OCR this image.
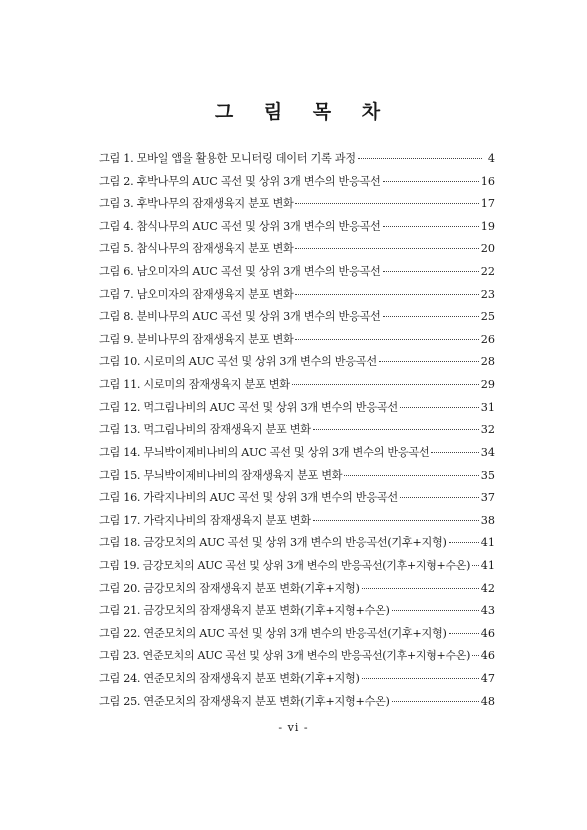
그 림 목 차
그림 1. 모바일 앱을 활용한 모니터링 데이터 기록 과정	4
그림 2. 후박나무의 AUC 곡선 및 상위 3개 변수의 반응곡선	16
그림 3. 후박나무의 잠재생육지 분포 변화	17
그림 4. 참식나무의 AUC 곡선 및 상위 3개 변수의 반응곡선	19
그림 5. 참식나무의 잠재생육지 분포 변화	20
그림 6. 남오미자의 AUC 곡선 및 상위 3개 변수의 반응곡선	22
그림 7. 남오미자의 잠재생육지 분포 변화	23
그림 8. 분비나무의 AUC 곡선 및 상위 3개 변수의 반응곡선	25
그림 9. 분비나무의 잠재생육지 분포 변화	26
그림 10. 시로미의 AUC 곡선 및 상위 3개 변수의 반응곡선	28
그림 11. 시로미의 잠재생육지 분포 변화	29
그림 12. 먹그림나비의 AUC 곡선 및 상위 3개 변수의 반응곡선	31
그림 13. 먹그림나비의 잠재생육지 분포 변화	32
그림 14. 무늬박이제비나비의 AUC 곡선 및 상위 3개 변수의 반응곡선	34
그림 15. 무늬박이제비나비의 잠재생육지 분포 변화	35
그림 16. 가락지나비의 AUC 곡선 및 상위 3개 변수의 반응곡선	37
그림 17. 가락지나비의 잠재생육지 분포 변화	38
그림 18. 금강모치의 AUC 곡선 및 상위 3개 변수의 반응곡선(기후+지형)	41
그림 19. 금강모치의 AUC 곡선 및 상위 3개 변수의 반응곡선(기후+지형+수온) 41
그림 20. 금강모치의 잠재생육지 분포 변화(기후+지형)	42
그림 21. 금강모치의 잠재생육지 분포 변화(기후+지형+수온)	43
그림 22. 연준모치의 AUC 곡선 및 상위 3개 변수의 반응곡선(기후+지형)	46
그림 23. 연준모치의 AUC 곡선 및 상위 3개 변수의 반응곡선(기후+지형+수온) 46
그림 24. 연준모치의 잠재생육지 분포 변화(기후+지형)	47
그림 25. 연준모치의 잠재생육지 분포 변화(기후+지형+수온)	48
- vi -
